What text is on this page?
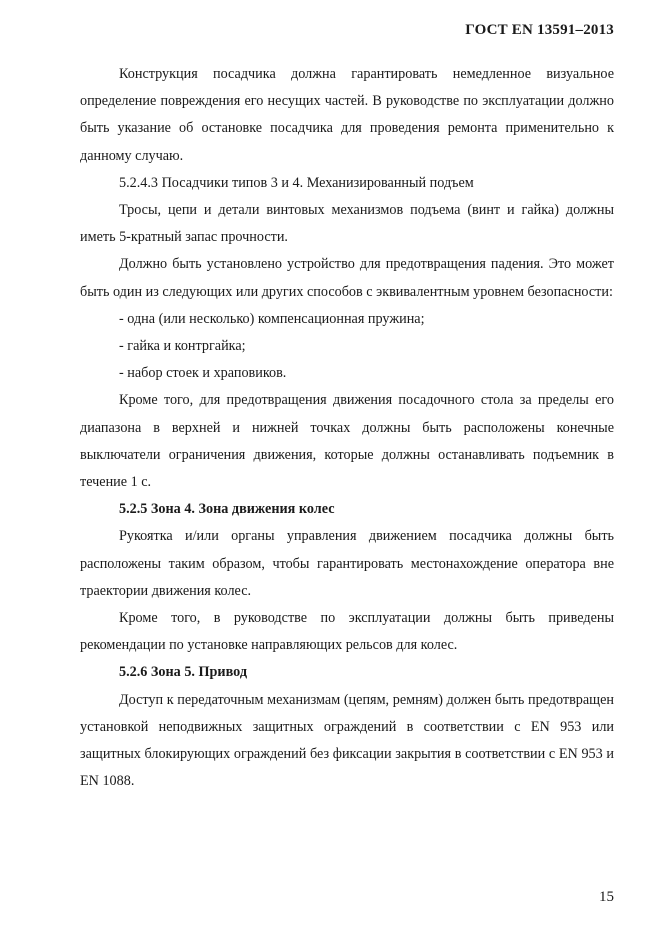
ГОСТ EN 13591–2013

Конструкция посадчика должна гарантировать немедленное визуальное определение повреждения его несущих частей. В руководстве по эксплуатации должно быть указание об остановке посадчика для проведения ремонта применительно к данному случаю.

5.2.4.3 Посадчики типов 3 и 4. Механизированный подъем

Тросы, цепи и детали винтовых механизмов подъема (винт и гайка) должны иметь 5-кратный запас прочности.

Должно быть установлено устройство для предотвращения падения. Это может быть один из следующих или других способов с эквивалентным уровнем безопасности:

- одна (или несколько) компенсационная пружина;

- гайка и контргайка;

- набор стоек и храповиков.

Кроме того, для предотвращения движения посадочного стола за пределы его диапазона в верхней и нижней точках должны быть расположены конечные выключатели ограничения движения, которые должны останавливать подъемник в течение 1 с.

5.2.5 Зона 4. Зона движения колес

Рукоятка и/или органы управления движением посадчика должны быть расположены таким образом, чтобы гарантировать местонахождение оператора вне траектории движения колес.

Кроме того, в руководстве по эксплуатации должны быть приведены рекомендации по установке направляющих рельсов для колес.

5.2.6 Зона 5. Привод

Доступ к передаточным механизмам (цепям, ремням) должен быть предотвращен установкой неподвижных защитных ограждений в соответствии с EN 953 или защитных блокирующих ограждений без фиксации закрытия в соответствии с EN 953 и EN 1088.

15
